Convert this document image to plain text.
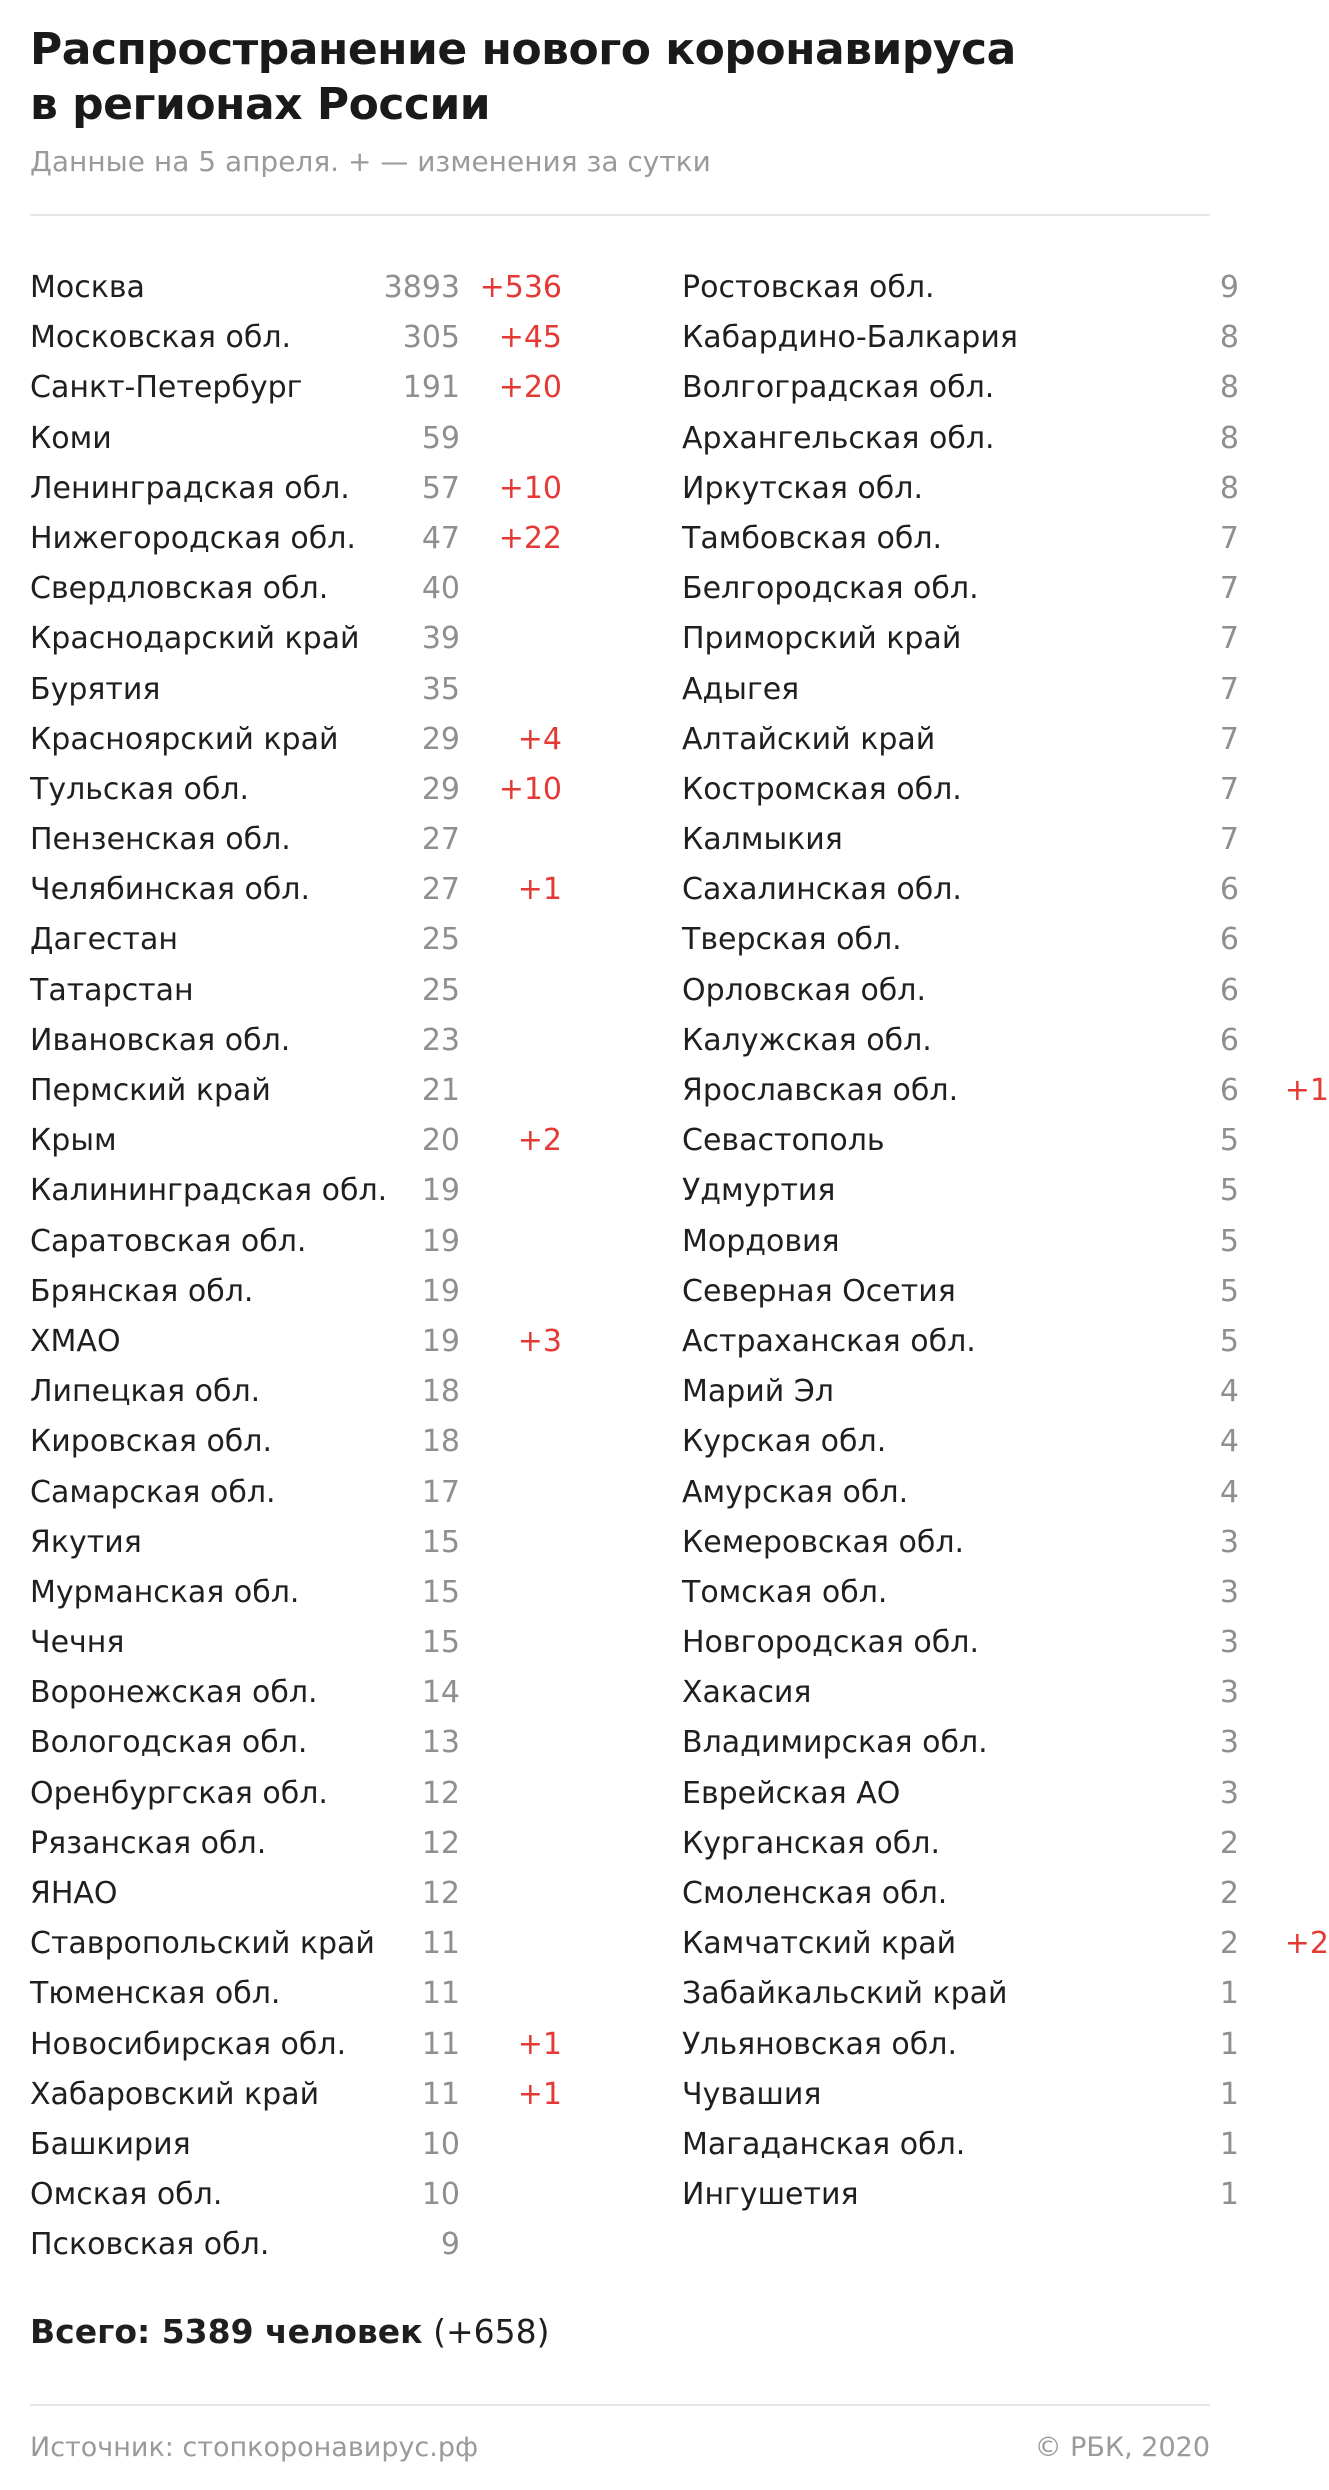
Распространение нового коронавируса
в регионах России
Данные на 5 апреля. + — изменения за сутки
Москва	3893 +536
Московская обл.	305 +45
Санкт-Петербург	191 +20
Коми	59
Ленинградская обл. 57 +10
Нижегородская обл. 47 +22
Свердловская обл.	40
Краснодарский край 39
Бурятия	35
Красноярский край	29 +4
Тульская обл.	29 +10
Пензенская обл.	27
Челябинская обл.	27 +1
Дагестан	25
Татарстан	25
Ивановская обл.	23
Пермский край	21
Крым	20 +2
Калининградская обл. 19
Саратовская обл.	19
Брянская обл.	19
ХМАО	19 +3
Липецкая обл.	18
Кировская обл.	18
Самарская обл.	17
Якутия	15
Мурманская обл.	15
Чечня	15
Воронежская обл.	14
Вологодская обл.	13
Оренбургская обл.	12
Рязанская обл.	12
ЯНАО	12
Ставропольский край 11
Тюменская обл.	11
Новосибирская обл.	11 +1
Хабаровский край	11 +1
Башкирия	10
Омская обл.	10
Псковская обл.	9
Ростовская обл.	9
Кабардино-Балкария	8
Волгоградская обл.	8
Архангельская обл.	8
Иркутская обл.	8
Тамбовская обл.	7
Белгородская обл.	7
Приморский край	7
Адыгея	7
Алтайский край	7
Костромская обл.	7
Калмыкия	7
Сахалинская обл.	6
Тверская обл.	6
Орловская обл.	6
Калужская обл.	6
Ярославская обл.	6 +1
Севастополь	5
Удмуртия	5
Мордовия	5
Северная Осетия	5
Астраханская обл.	5
Марий Эл	4
Курская обл.	4
Амурская обл.	4
Кемеровская обл.	3
Томская обл.	3
Новгородская обл.	3
Хакасия	3
Владимирская обл.	3
Еврейская АО	3
Курганская обл.	2
Смоленская обл.	2
Камчатский край	2 +2
Забайкальский край	1
Ульяновская обл.	1
Чувашия	1
Магаданская обл.	1
Ингушетия	1
Всего: 5389 человек (+658)
Источник: стопкоронавирус.рф	© РБК, 2020
